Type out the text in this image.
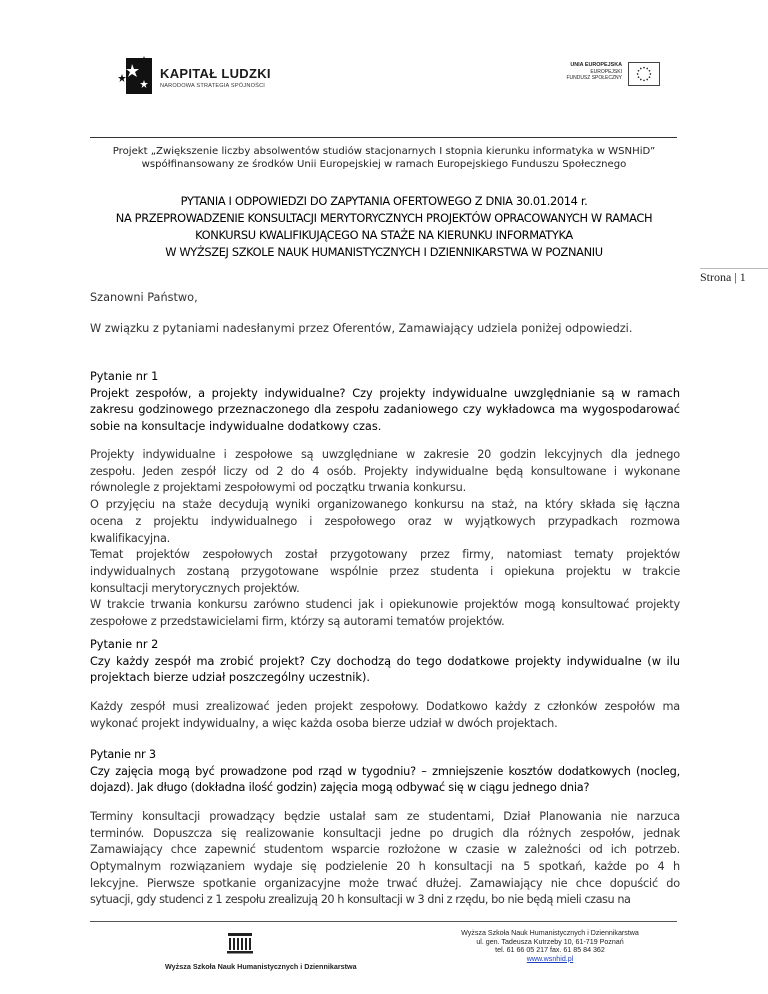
KAPITAŁ LUDZKI
NARODOWA STRATEGIA SPÓJNOŚCI
UNIA EUROPEJSKA
EUROPEJSKI
FUNDUSZ SPOŁECZNY
Projekt „Zwiększenie liczby absolwentów studiów stacjonarnych I stopnia kierunku informatyka w WSNHiD”
współfinansowany ze środków Unii Europejskiej w ramach Europejskiego Funduszu Społecznego
PYTANIA I ODPOWIEDZI DO ZAPYTANIA OFERTOWEGO Z DNIA 30.01.2014 r.
NA PRZEPROWADZENIE KONSULTACJI MERYTORYCZNYCH PROJEKTÓW OPRACOWANYCH W RAMACH
KONKURSU KWALIFIKUJĄCEGO NA STAŻE NA KIERUNKU INFORMATYKA
W WYŻSZEJ SZKOLE NAUK HUMANISTYCZNYCH I DZIENNIKARSTWA W POZNANIU
Strona | 1

Szanowni Państwo,

W związku z pytaniami nadesłanymi przez Oferentów, Zamawiający udziela poniżej odpowiedzi.

Pytanie nr 1

Projekt zespołów, a projekty indywidualne? Czy projekty indywidualne uwzględnianie są w ramach

zakresu godzinowego przeznaczonego dla zespołu zadaniowego czy wykładowca ma wygospodarować

sobie na konsultacje indywidualne dodatkowy czas.

Projekty indywidualne i zespołowe są uwzględniane w zakresie 20 godzin lekcyjnych dla jednego

zespołu. Jeden zespół liczy od 2 do 4 osób. Projekty indywidualne będą konsultowane i wykonane

równolegle z projektami zespołowymi od początku trwania konkursu.

O przyjęciu na staże decydują wyniki organizowanego konkursu na staż, na który składa się łączna

ocena z projektu indywidualnego i zespołowego oraz w wyjątkowych przypadkach rozmowa

kwalifikacyjna.

Temat projektów zespołowych został przygotowany przez firmy, natomiast tematy projektów

indywidualnych zostaną przygotowane wspólnie przez studenta i opiekuna projektu w trakcie

konsultacji merytorycznych projektów.

W trakcie trwania konkursu zarówno studenci jak i opiekunowie projektów mogą konsultować projekty

zespołowe z przedstawicielami firm, którzy są autorami tematów projektów.

Pytanie nr 2

Czy każdy zespół ma zrobić projekt? Czy dochodzą do tego dodatkowe projekty indywidualne (w ilu

projektach bierze udział poszczególny uczestnik).

Każdy zespół musi zrealizować jeden projekt zespołowy. Dodatkowo każdy z członków zespołów ma

wykonać projekt indywidualny, a więc każda osoba bierze udział w dwóch projektach.

Pytanie nr 3

Czy zajęcia mogą być prowadzone pod rząd w tygodniu? – zmniejszenie kosztów dodatkowych (nocleg,

dojazd). Jak długo (dokładna ilość godzin) zajęcia mogą odbywać się w ciągu jednego dnia?

Terminy konsultacji prowadzący będzie ustalał sam ze studentami, Dział Planowania nie narzuca

terminów. Dopuszcza się realizowanie konsultacji jedne po drugich dla różnych zespołów, jednak

Zamawiający chce zapewnić studentom wsparcie rozłożone w czasie w zależności od ich potrzeb.

Optymalnym rozwiązaniem wydaje się podzielenie 20 h konsultacji na 5 spotkań, każde po 4 h

lekcyjne. Pierwsze spotkanie organizacyjne może trwać dłużej. Zamawiający nie chce dopuścić do

sytuacji, gdy studenci z 1 zespołu zrealizują 20 h konsultacji w 3 dni z rzędu, bo nie będą mieli czasu na

Wyższa Szkoła Nauk Humanistycznych i Dziennikarstwa
Wyższa Szkoła Nauk Humanistycznych i Dziennikarstwa
ul. gen. Tadeusza Kutrzeby 10, 61-719 Poznań
tel. 61 66 05 217 fax. 61 85 84 362
www.wsnhid.pl
